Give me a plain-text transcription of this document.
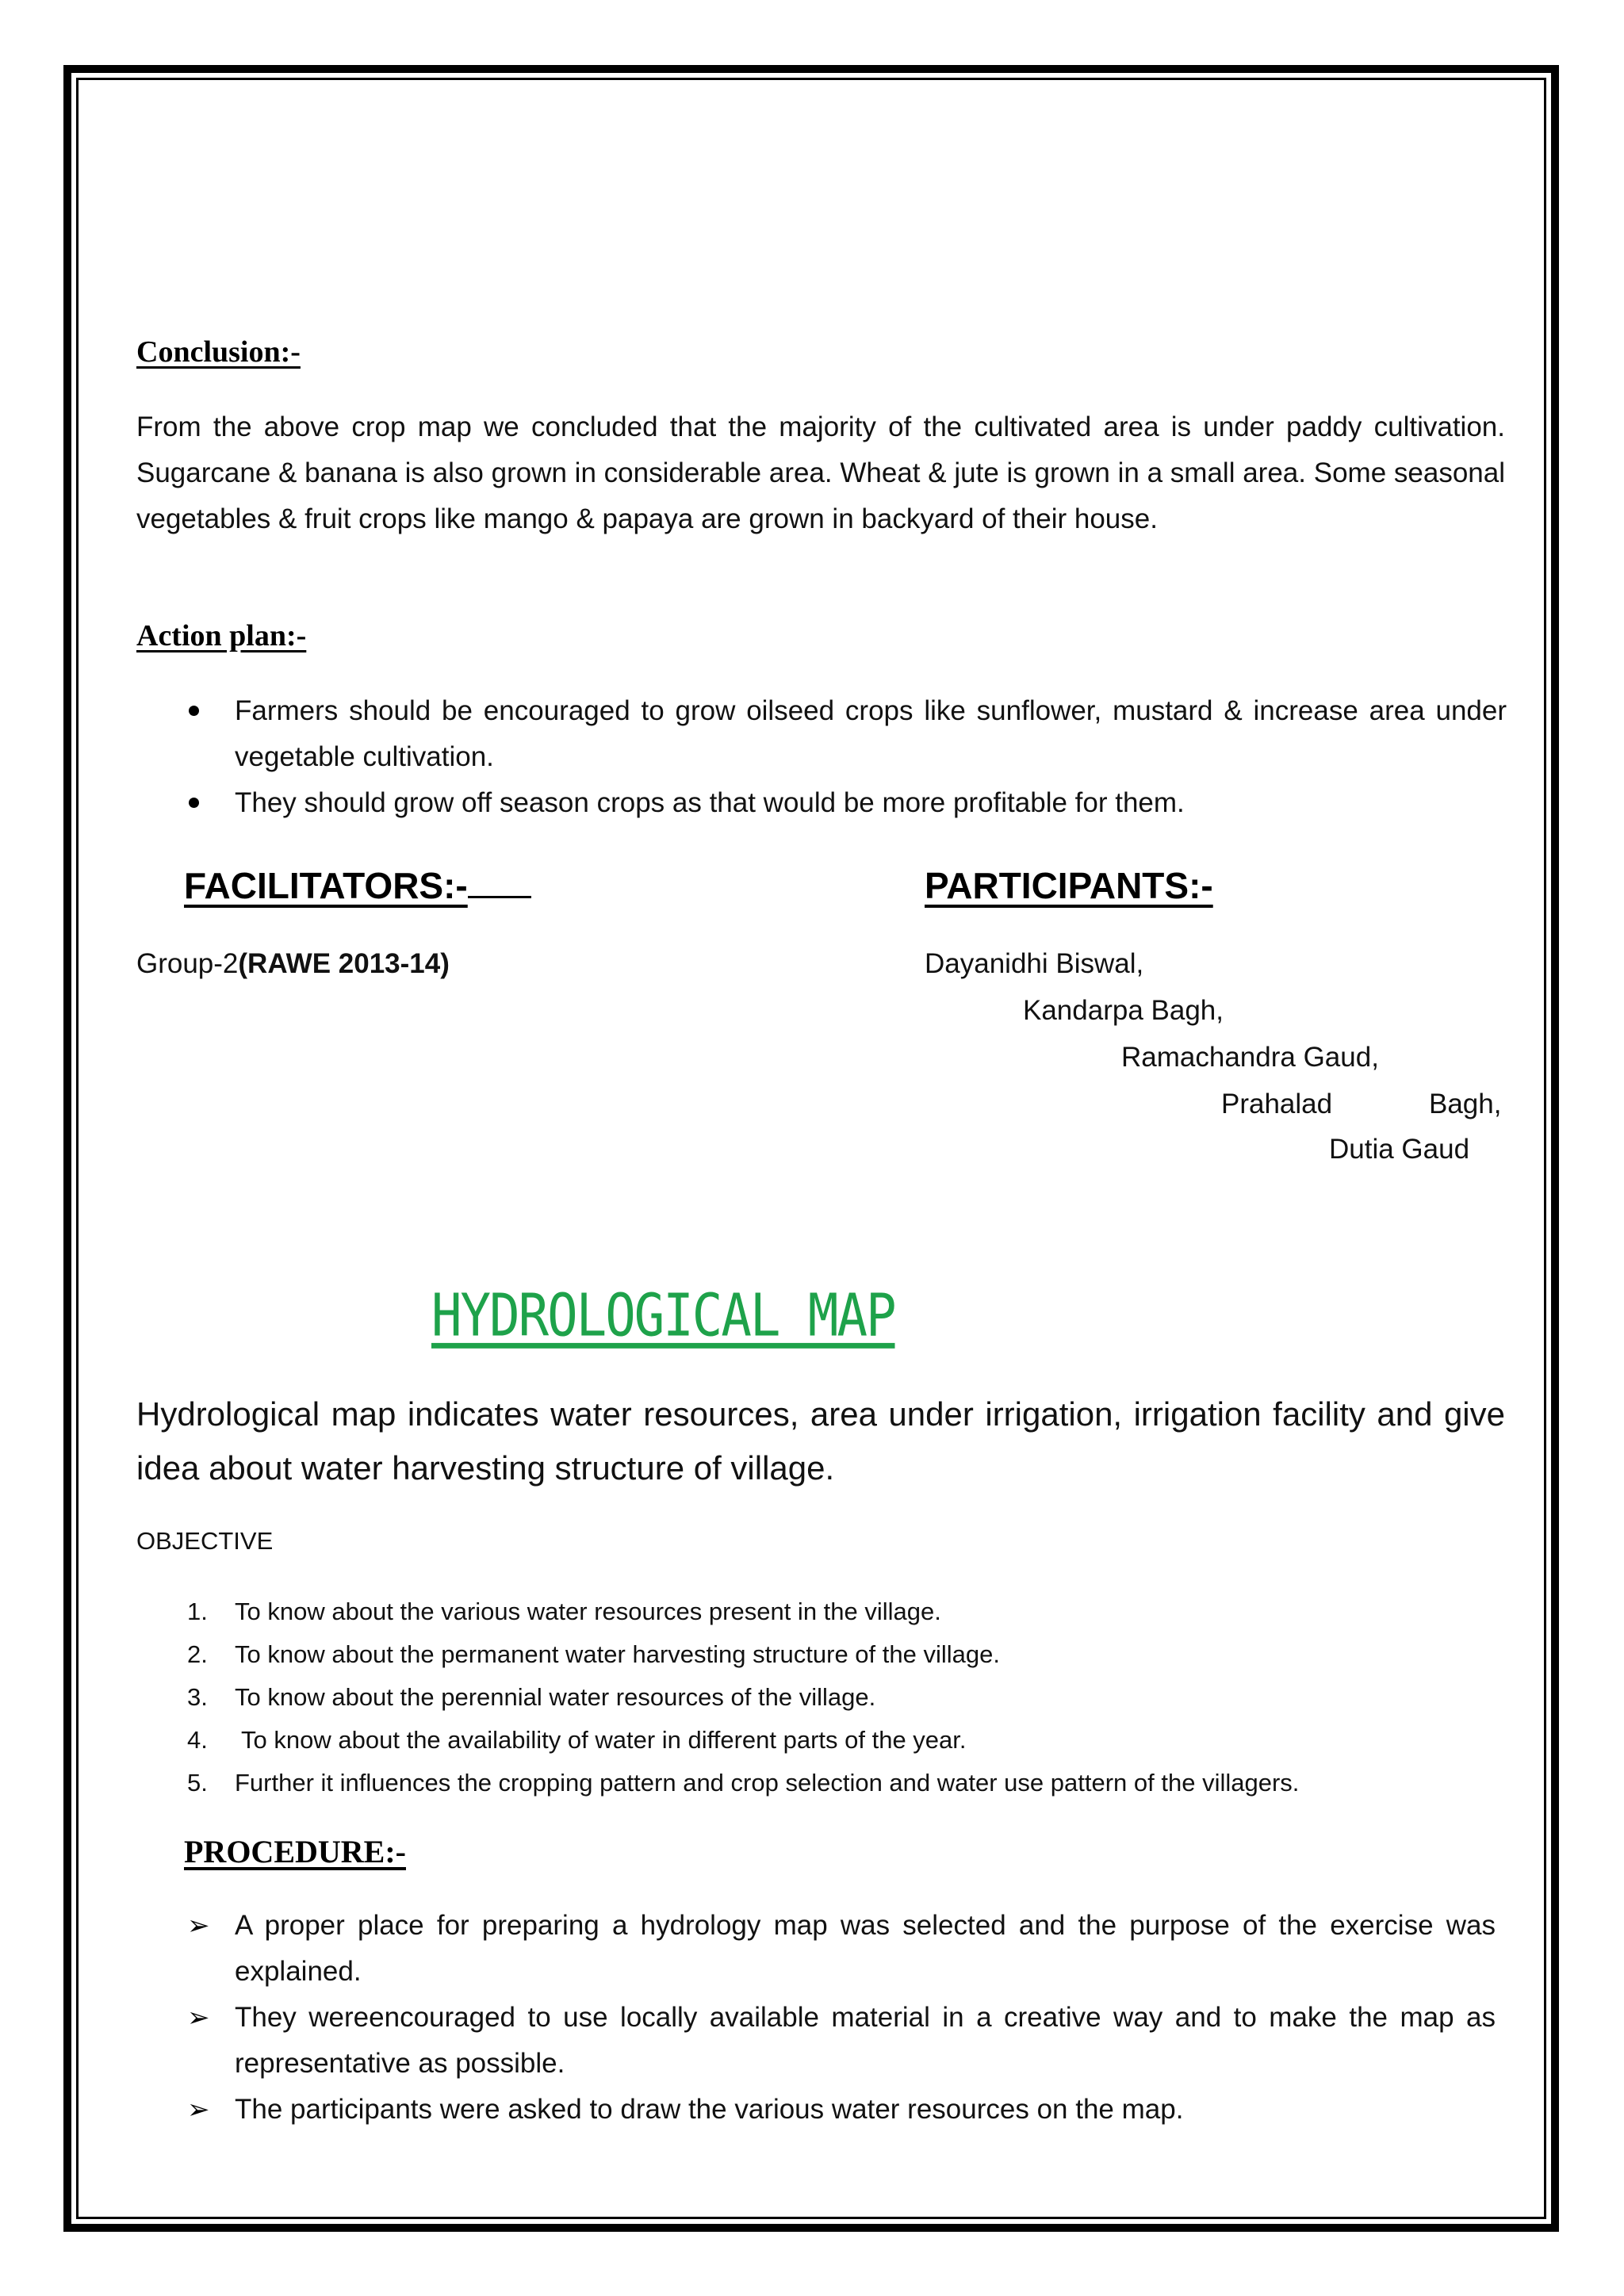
Conclusion:-
From the above crop map we concluded that the majority of the cultivated area is under paddy cultivation. Sugarcane & banana is also grown in considerable area. Wheat & jute is grown in a small area. Some seasonal vegetables & fruit crops like mango & papaya are grown in backyard of their house.
Action plan:-
Farmers should be encouraged to grow oilseed crops like sunflower, mustard & increase area under vegetable cultivation.
They should grow off season crops as that would be more profitable for them.
FACILITATORS:-	PARTICIPANTS:-
Group-2(RAWE 2013-14)	Dayanidhi Biswal,
Kandarpa Bagh,
Ramachandra Gaud,
Prahalad	Bagh,
Dutia Gaud
HYDROLOGICAL MAP
Hydrological map indicates water resources, area under irrigation, irrigation facility and give idea about water harvesting structure of village.
OBJECTIVE
1. To know about the various water resources present in the village.
2. To know about the permanent water harvesting structure of the village.
3. To know about the perennial water resources of the village.
4. To know about the availability of water in different parts of the year.
5. Further it influences the cropping pattern and crop selection and water use pattern of the villagers.
PROCEDURE:-
➢ A proper place for preparing a hydrology map was selected and the purpose of the exercise was explained.
➢ They wereencouraged to use locally available material in a creative way and to make the map as representative as possible.
➢ The participants were asked to draw the various water resources on the map.
